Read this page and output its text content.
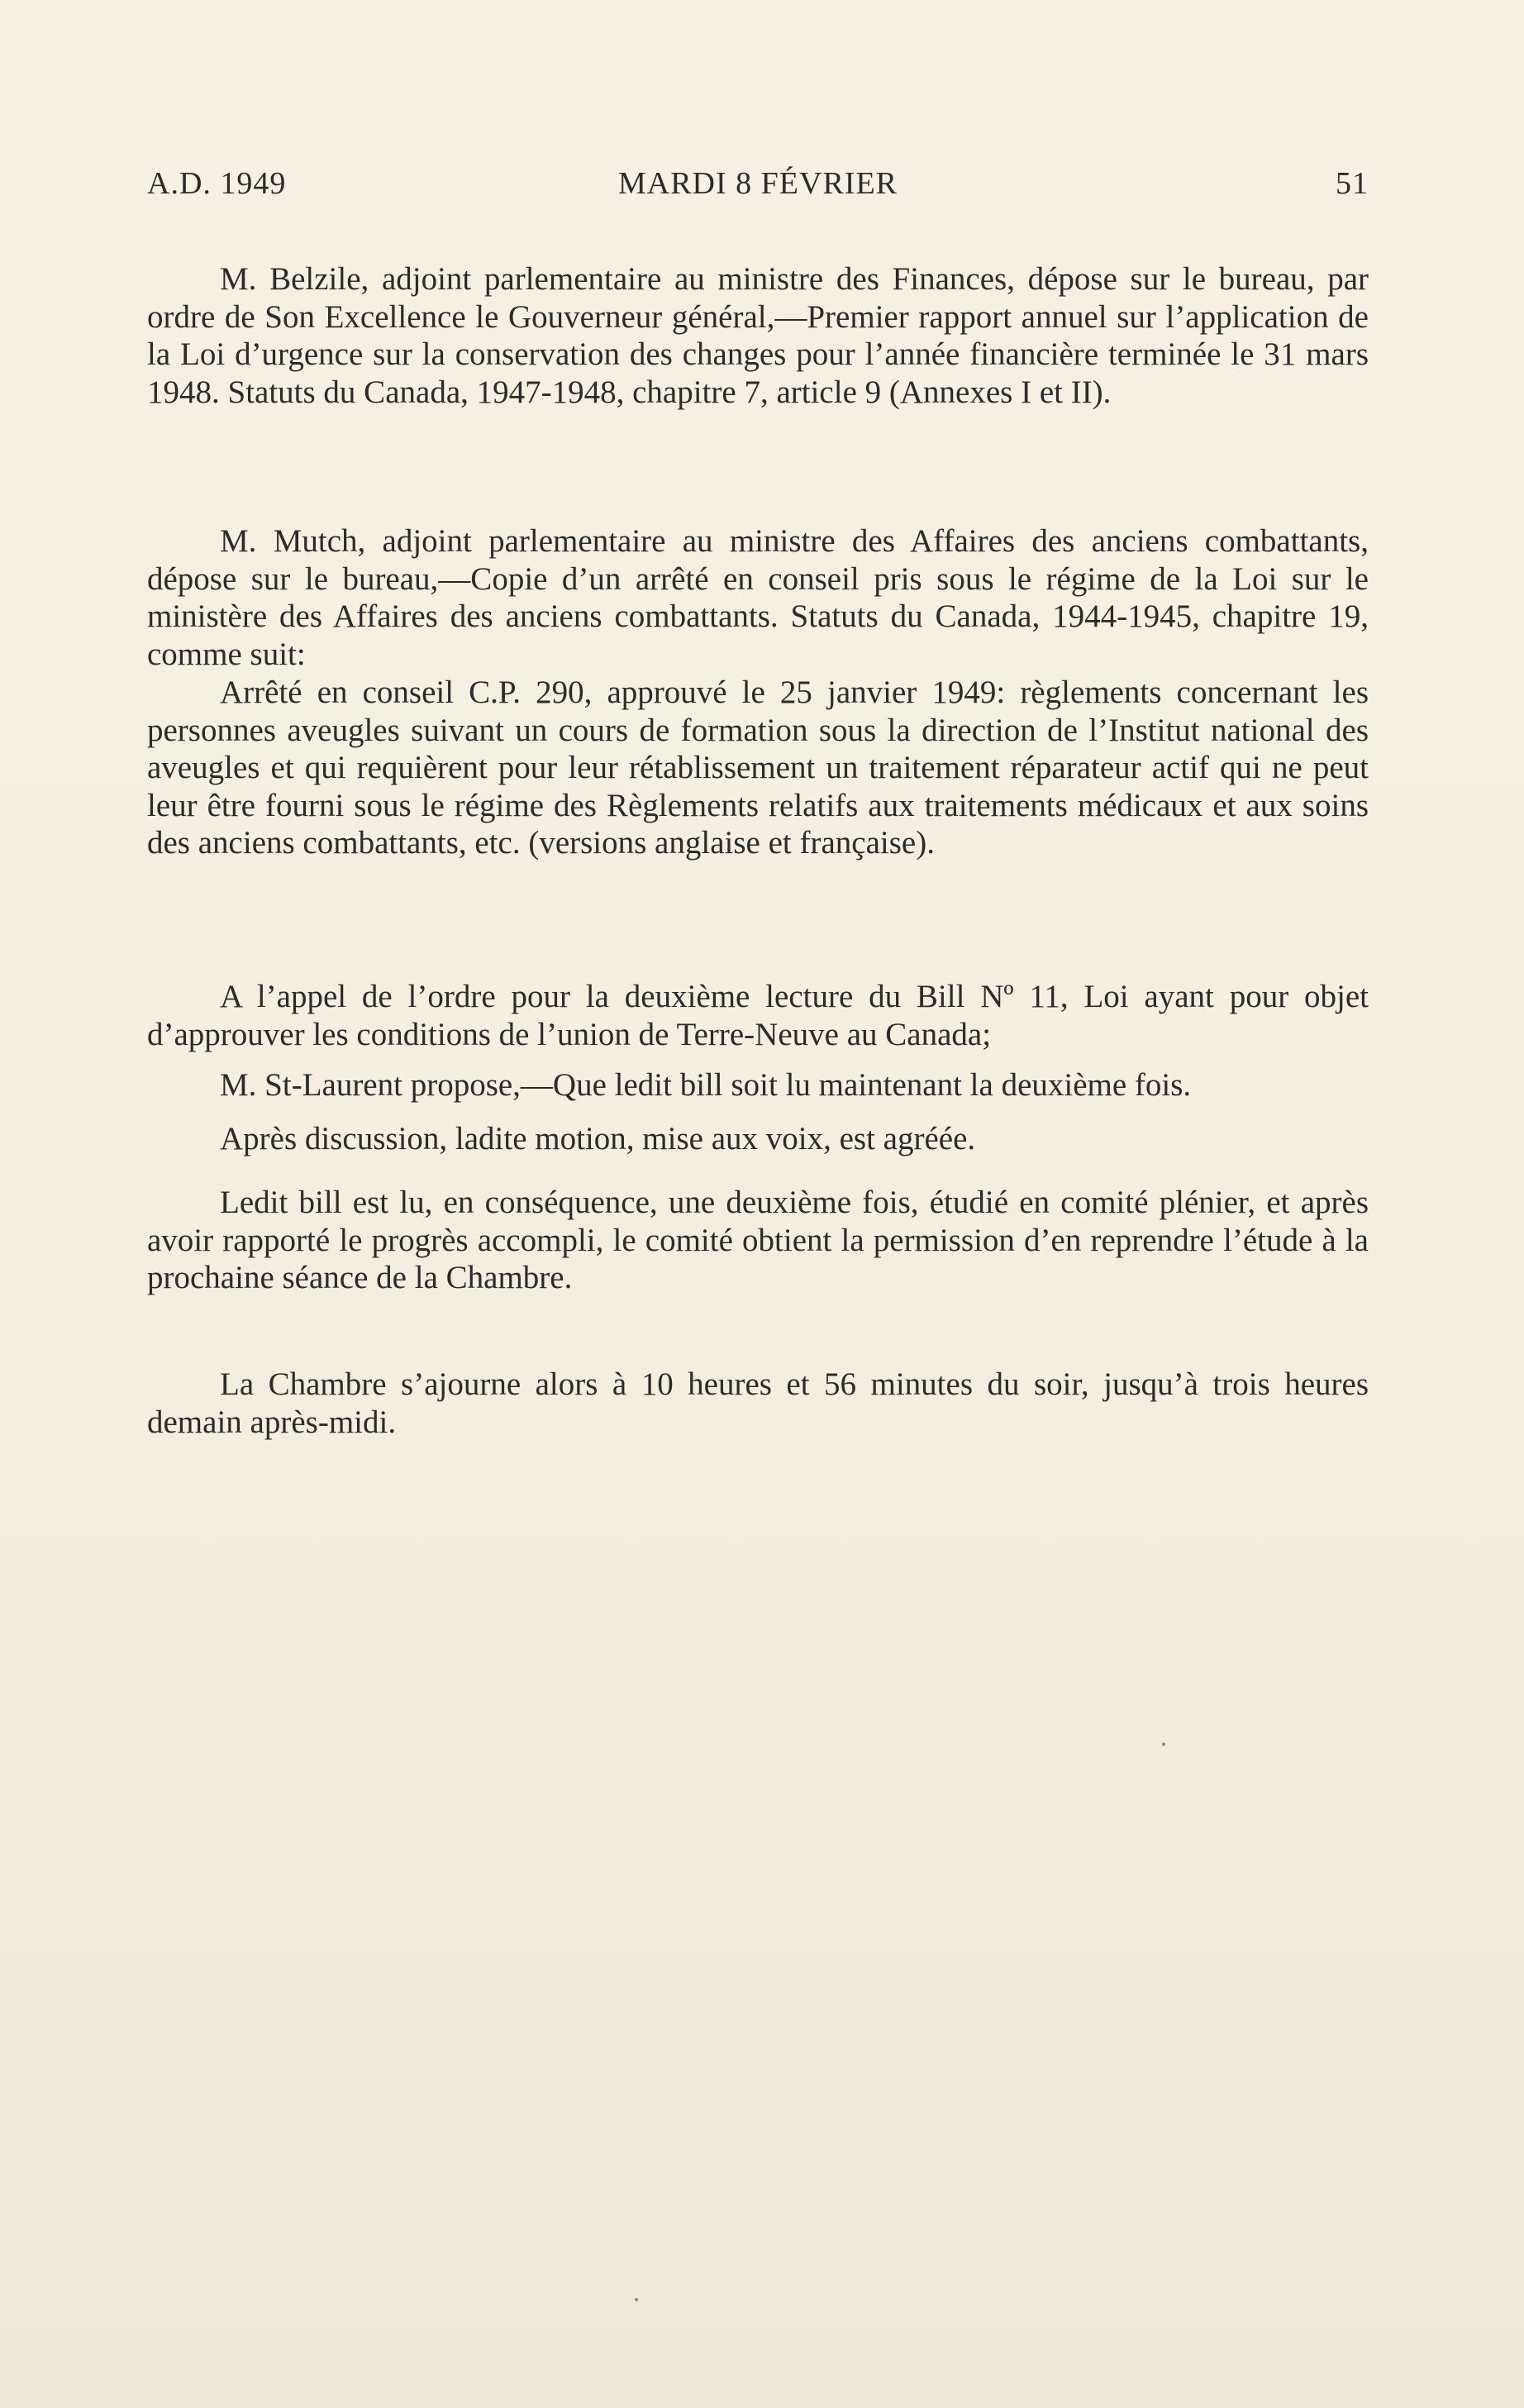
A.D. 1949	MARDI 8 FÉVRIER	51

M. Belzile, adjoint parlementaire au ministre des Finances, dépose sur le bureau, par ordre de Son Excellence le Gouverneur général,—Premier rapport annuel sur l’application de la Loi d’urgence sur la conservation des changes pour l’année financière terminée le 31 mars 1948. Statuts du Canada, 1947-1948, chapitre 7, article 9 (Annexes I et II).

M. Mutch, adjoint parlementaire au ministre des Affaires des anciens combattants, dépose sur le bureau,—Copie d’un arrêté en conseil pris sous le régime de la Loi sur le ministère des Affaires des anciens combattants. Statuts du Canada, 1944-1945, chapitre 19, comme suit:

Arrêté en conseil C.P. 290, approuvé le 25 janvier 1949: règlements concernant les personnes aveugles suivant un cours de formation sous la direction de l’Institut national des aveugles et qui requièrent pour leur rétablissement un traitement réparateur actif qui ne peut leur être fourni sous le régime des Règlements relatifs aux traitements médicaux et aux soins des anciens combattants, etc. (versions anglaise et française).

A l’appel de l’ordre pour la deuxième lecture du Bill Nº 11, Loi ayant pour objet d’approuver les conditions de l’union de Terre-Neuve au Canada;

M. St-Laurent propose,—Que ledit bill soit lu maintenant la deuxième fois.

Après discussion, ladite motion, mise aux voix, est agréée.

Ledit bill est lu, en conséquence, une deuxième fois, étudié en comité plénier, et après avoir rapporté le progrès accompli, le comité obtient la permission d’en reprendre l’étude à la prochaine séance de la Chambre.

La Chambre s’ajourne alors à 10 heures et 56 minutes du soir, jusqu’à trois heures demain après-midi.
